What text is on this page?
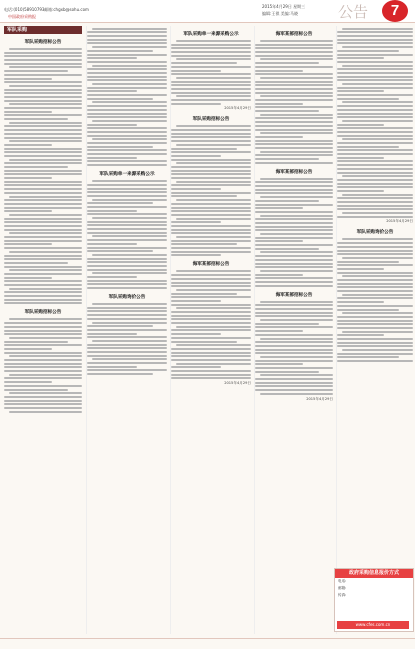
电话:(010)58910793 邮箱:chgxb@sohu.com
中国政府采购报
2015年4月29日 星期三
编辑:王祺 美编:马晓	公告	7
军队采购
军队采购招标公告
军队采购招标公告
军队采购单一来源采购公示
军队采购询价公告
军队采购单一来源采购公示
2015年4月29日
军队采购招标公告
海军某部招标公告
2015年4月29日
海军某部招标公告
海军某部招标公告
海军某部招标公告
2015年4月29日
2015年4月29日
军队采购询价公告
政府采购信息报价方式
电话:
邮箱:
传真:
www.cfes.com.cn
